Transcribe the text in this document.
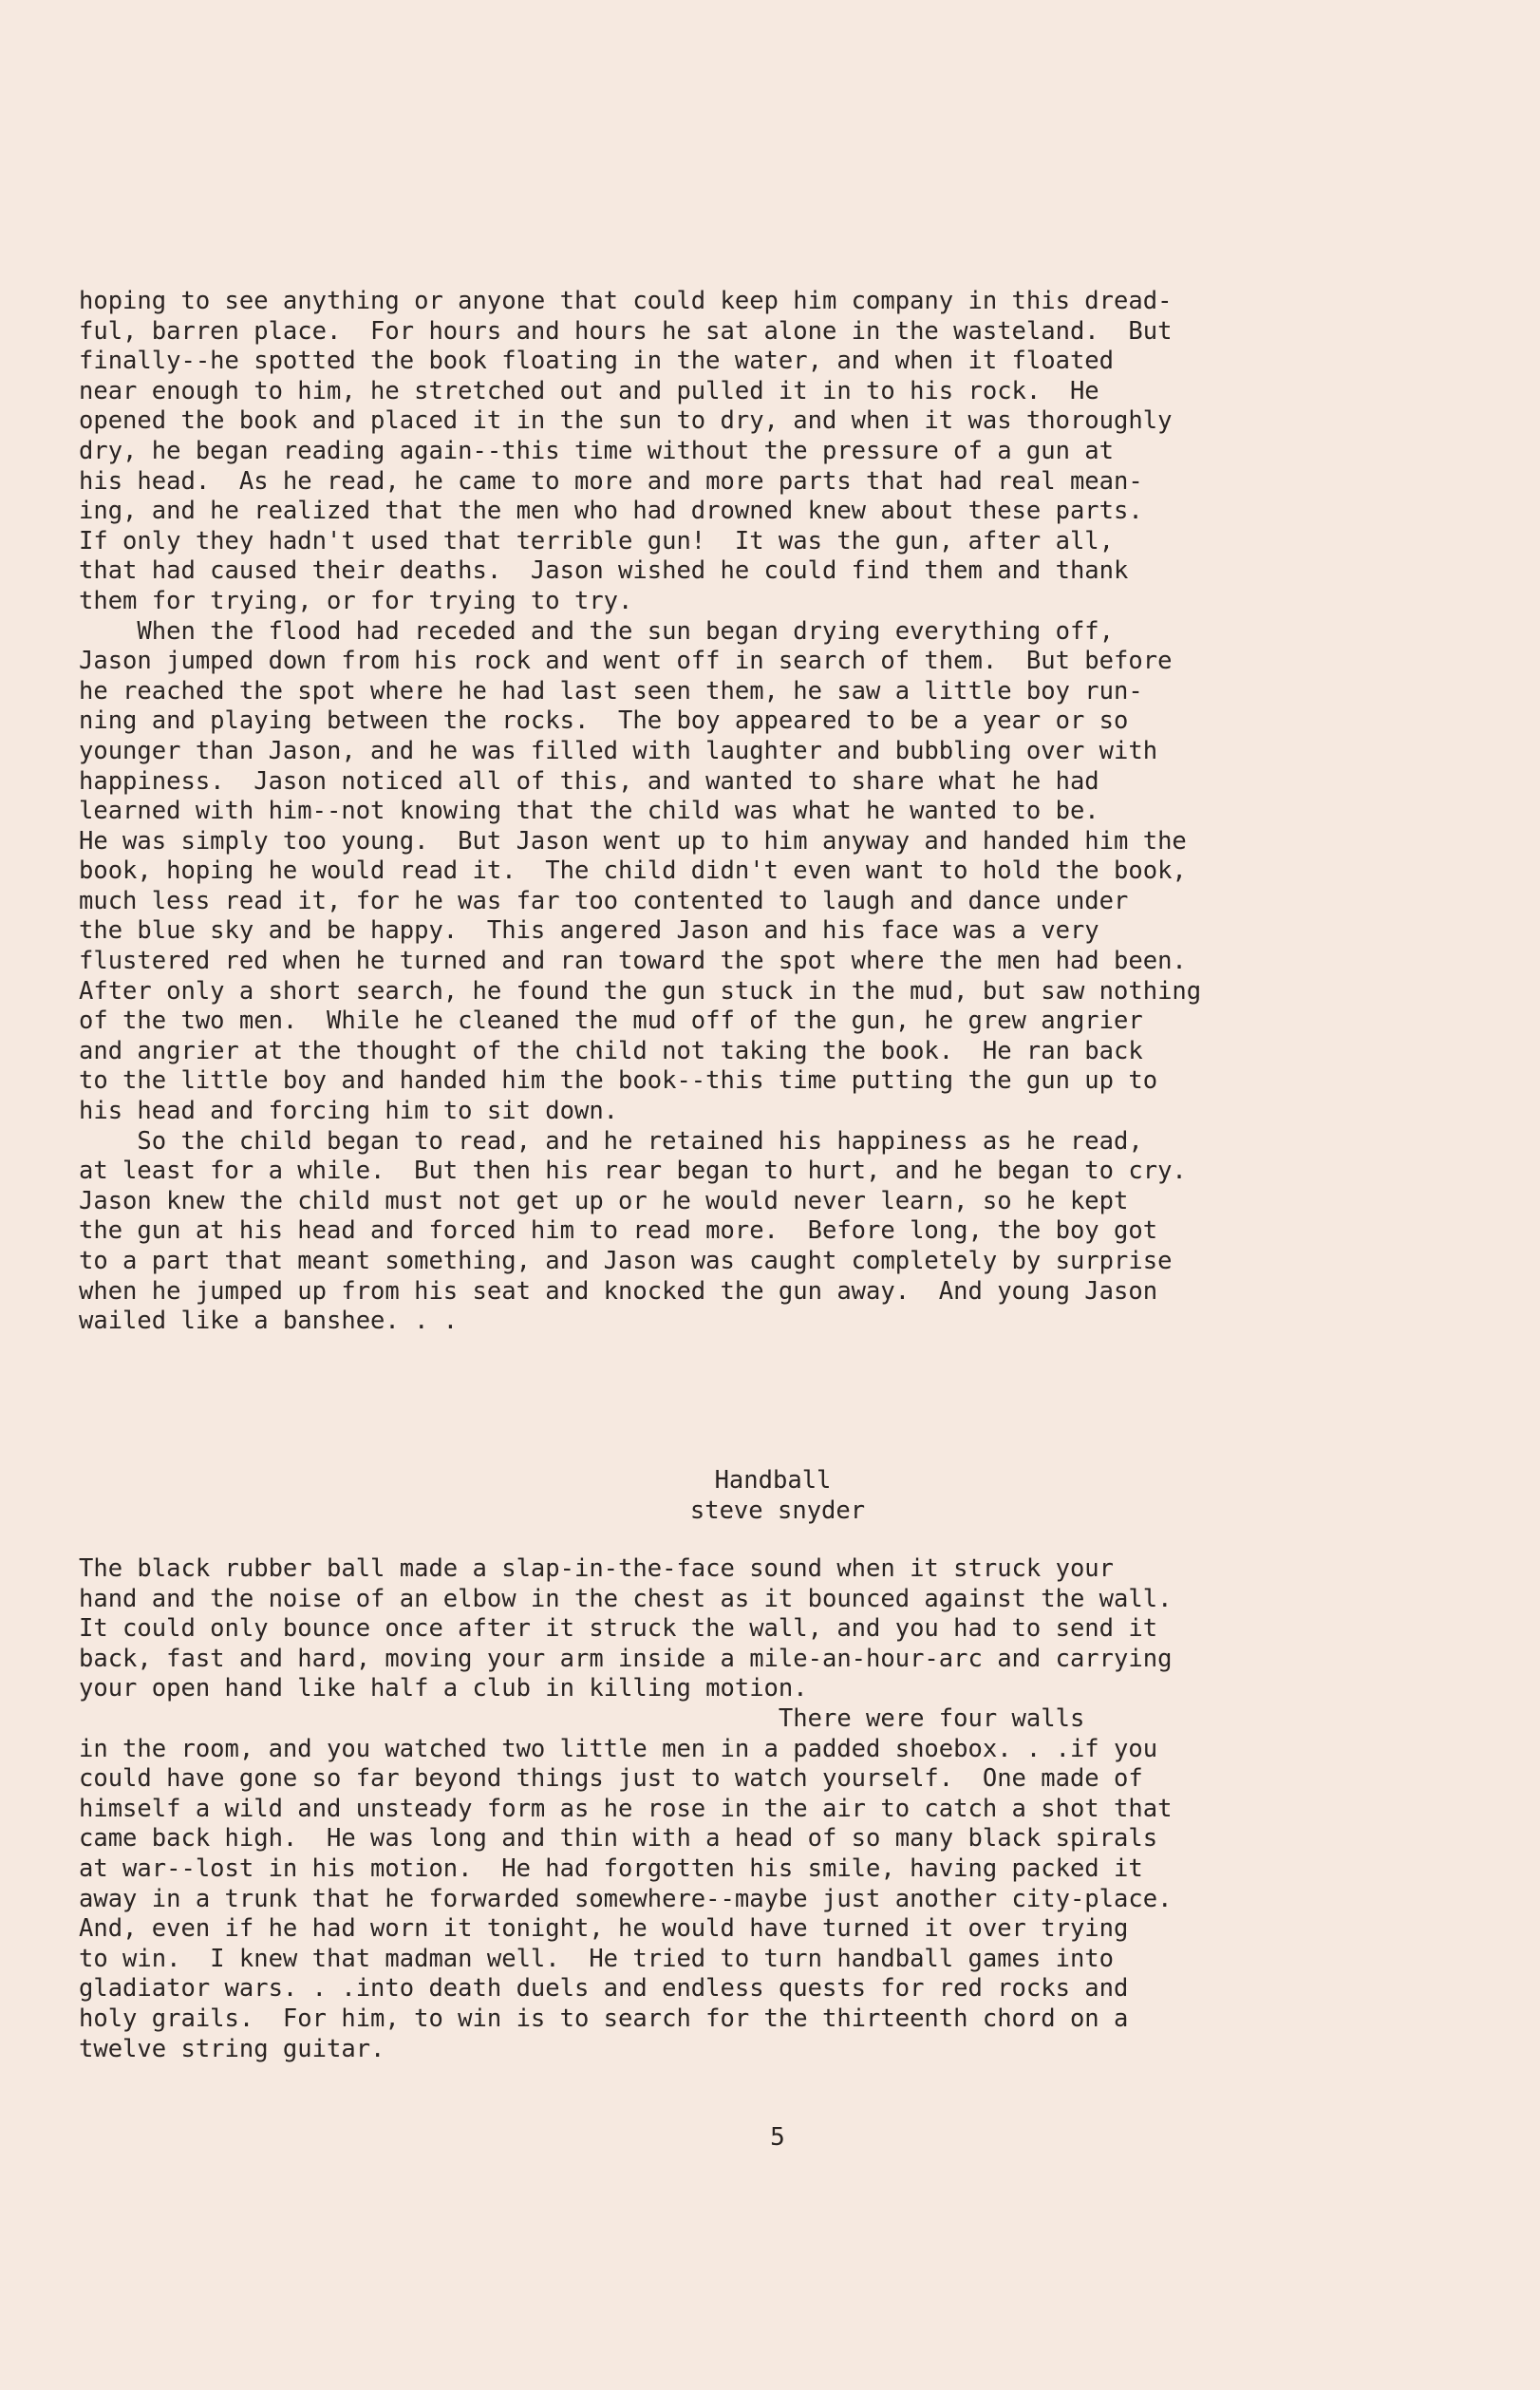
hoping to see anything or anyone that could keep him company in this dread-
ful, barren place.  For hours and hours he sat alone in the wasteland.  But
finally--he spotted the book floating in the water, and when it floated
near enough to him, he stretched out and pulled it in to his rock.  He
opened the book and placed it in the sun to dry, and when it was thoroughly
dry, he began reading again--this time without the pressure of a gun at
his head.  As he read, he came to more and more parts that had real mean-
ing, and he realized that the men who had drowned knew about these parts.
If only they hadn't used that terrible gun!  It was the gun, after all,
that had caused their deaths.  Jason wished he could find them and thank
them for trying, or for trying to try.
When the flood had receded and the sun began drying everything off,
Jason jumped down from his rock and went off in search of them.  But before
he reached the spot where he had last seen them, he saw a little boy run-
ning and playing between the rocks.  The boy appeared to be a year or so
younger than Jason, and he was filled with laughter and bubbling over with
happiness.  Jason noticed all of this, and wanted to share what he had
learned with him--not knowing that the child was what he wanted to be.
He was simply too young.  But Jason went up to him anyway and handed him the
book, hoping he would read it.  The child didn't even want to hold the book,
much less read it, for he was far too contented to laugh and dance under
the blue sky and be happy.  This angered Jason and his face was a very
flustered red when he turned and ran toward the spot where the men had been.
After only a short search, he found the gun stuck in the mud, but saw nothing
of the two men.  While he cleaned the mud off of the gun, he grew angrier
and angrier at the thought of the child not taking the book.  He ran back
to the little boy and handed him the book--this time putting the gun up to
his head and forcing him to sit down.
So the child began to read, and he retained his happiness as he read,
at least for a while.  But then his rear began to hurt, and he began to cry.
Jason knew the child must not get up or he would never learn, so he kept
the gun at his head and forced him to read more.  Before long, the boy got
to a part that meant something, and Jason was caught completely by surprise
when he jumped up from his seat and knocked the gun away.  And young Jason
wailed like a banshee. . .
Handball
steve snyder
The black rubber ball made a slap-in-the-face sound when it struck your
hand and the noise of an elbow in the chest as it bounced against the wall.
It could only bounce once after it struck the wall, and you had to send it
back, fast and hard, moving your arm inside a mile-an-hour-arc and carrying
your open hand like half a club in killing motion.
There were four walls
in the room, and you watched two little men in a padded shoebox. . .if you
could have gone so far beyond things just to watch yourself.  One made of
himself a wild and unsteady form as he rose in the air to catch a shot that
came back high.  He was long and thin with a head of so many black spirals
at war--lost in his motion.  He had forgotten his smile, having packed it
away in a trunk that he forwarded somewhere--maybe just another city-place.
And, even if he had worn it tonight, he would have turned it over trying
to win.  I knew that madman well.  He tried to turn handball games into
gladiator wars. . .into death duels and endless quests for red rocks and
holy grails.  For him, to win is to search for the thirteenth chord on a
twelve string guitar.
5
